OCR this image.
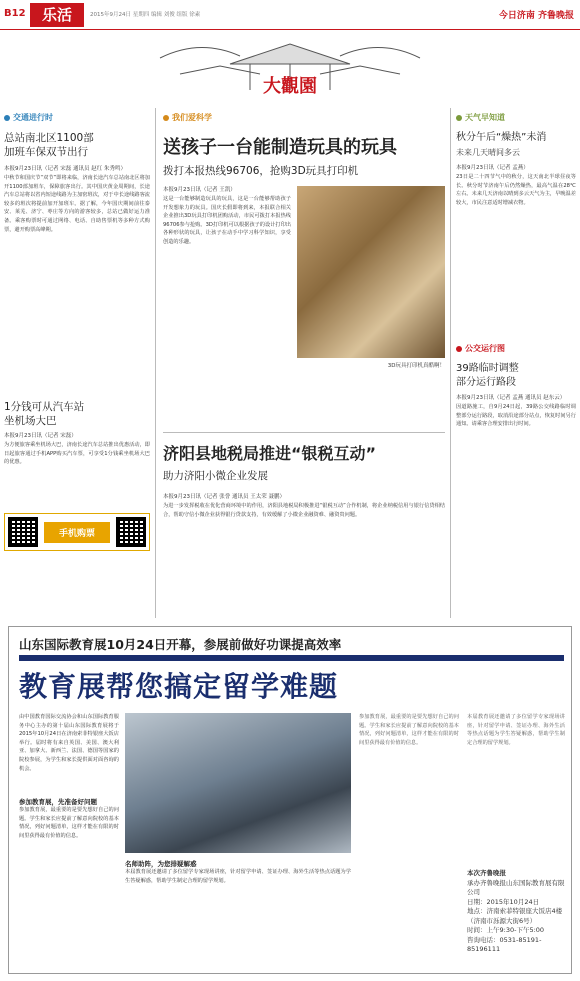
B12	乐活	2015年9月24日 星期四 编辑 刘俊 组版 徐素	今日济南 齐鲁晚报
大觀園
交通进行时
总站南北区1100部
加班车保双节出行
本报9月23日讯（记者 宋磊 通讯员 赵红 朱秀鸣）
中秋节和国庆节“双节”即将来临，济南长途汽车总站南北区将加开1100部加班车，保障旅客出行。其中国庆黄金周期间，长途汽车总站将以省内短途线路为主加密班次，对于中长途线路客流较多的班次将提前加开加班车。据了解，今年国庆期间前往泰安、莱芜、济宁、枣庄等方向的游客较多，总站已做好运力准备。乘客购票时可通过网络、电话、自助售票机等多种方式购票，避开购票高峰期。
1分钱可从汽车站
坐机场大巴
本报9月23日讯（记者 宋磊）
为方便旅客乘坐机场大巴，济南长途汽车总站推出优惠活动，即日起旅客通过手机APP购买汽车票，可享受1分钱乘坐机场大巴的优惠。
手机购票
我们爱科学
送孩子一台能制造玩具的玩具
拨打本报热线96706，抢购3D玩具打印机
本报9月23日讯（记者 王凯）
这是一台能够制造玩具的玩具，这是一台能够帮助孩子开发想象力的玩具。国庆长假即将到来，本报联合相关企业推出3D玩具打印机团购活动，市民可拨打本报热线96706参与抢购。3D打印机可以根据孩子的设计打印出各种形状的玩具，让孩子在动手中学习科学知识，享受创造的乐趣。
3D玩具打印机真酷啊！
济阳县地税局推进“银税互动”
助力济阳小微企业发展
本报9月23日讯（记者 张誉 通讯员 王太荣 聂鹏）
为进一步发挥税收在优化营商环境中的作用，济阳县地税局积极推进“银税互动”合作机制，将企业纳税信用与银行信贷相结合，帮助守信小微企业获得银行贷款支持，有效缓解了小微企业融资难、融资贵问题。
天气早知道
秋分午后“燥热”未消
未来几天晴间多云
本报9月23日讯（记者 孟燕）
23日是二十四节气中的秋分，这天南北半球昼夜等长。秋分时节济南午后仍然燥热，最高气温在28℃左右。未来几天济南以晴到多云天气为主，早晚温差较大，市民注意适时增减衣物。
公交运行图
39路临时调整
部分运行路段
本报9月23日讯（记者 孟燕 通讯员 赵东云）
因道路施工，自9月24日起，39路公交线路临时调整部分运行路段，取消沿途部分站点，恢复时间另行通知。请乘客合理安排出行时间。
山东国际教育展10月24日开幕，参展前做好功课提高效率
教育展帮您搞定留学难题
由中国教育国际交流协会和山东国际教育服务中心主办的第十届山东国际教育展将于2015年10月24日在济南索菲特银座大饭店举行。届时将有来自英国、美国、澳大利亚、加拿大、新西兰、法国、德国等国家的院校参展，为学生和家长提供面对面咨询的机会。
参加教育展，先准备好问题
参加教育展，最重要的是要先想好自己的问题。学生和家长应提前了解意向院校的基本情况，列好问题清单，这样才能在有限的时间里获得最有价值的信息。
名师助阵，为您排疑解惑
本届教育展还邀请了多位留学专家现场讲座，针对留学申请、签证办理、海外生活等热点话题为学生答疑解惑，帮助学生制定合理的留学规划。
参加教育展，最重要的是要先想好自己的问题。学生和家长应提前了解意向院校的基本情况，列好问题清单，这样才能在有限的时间里获得最有价值的信息。
本届教育展还邀请了多位留学专家现场讲座，针对留学申请、签证办理、海外生活等热点话题为学生答疑解惑，帮助学生制定合理的留学规划。
本次齐鲁晚报
承办齐鲁晚报山东国际教育展有限公司
日期：2015年10月24日
地点：济南索菲特银座大饭店4楼
（济南市泺源大街6号）
时间：上午9:30-下午5:00
咨询电话：0531-85191-85196111
